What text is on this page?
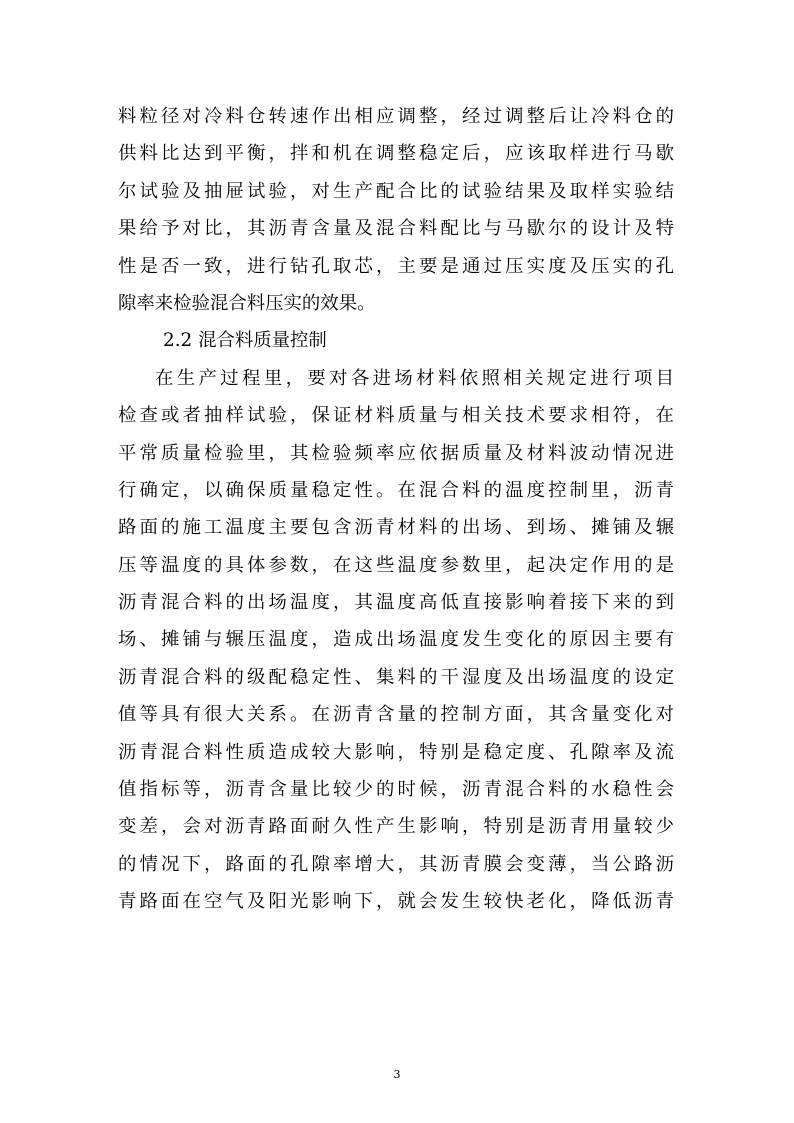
料粒径对冷料仓转速作出相应调整，经过调整后让冷料仓的
供料比达到平衡，拌和机在调整稳定后，应该取样进行马歇
尔试验及抽屉试验，对生产配合比的试验结果及取样实验结
果给予对比，其沥青含量及混合料配比与马歇尔的设计及特
性是否一致，进行钻孔取芯，主要是通过压实度及压实的孔
隙率来检验混合料压实的效果。
2.2 混合料质量控制
在生产过程里，要对各进场材料依照相关规定进行项目
检查或者抽样试验，保证材料质量与相关技术要求相符，在
平常质量检验里，其检验频率应依据质量及材料波动情况进
行确定，以确保质量稳定性。在混合料的温度控制里，沥青
路面的施工温度主要包含沥青材料的出场、到场、摊铺及辗
压等温度的具体参数，在这些温度参数里，起决定作用的是
沥青混合料的出场温度，其温度高低直接影响着接下来的到
场、摊铺与辗压温度，造成出场温度发生变化的原因主要有
沥青混合料的级配稳定性、集料的干湿度及出场温度的设定
值等具有很大关系。在沥青含量的控制方面，其含量变化对
沥青混合料性质造成较大影响，特别是稳定度、孔隙率及流
值指标等，沥青含量比较少的时候，沥青混合料的水稳性会
变差，会对沥青路面耐久性产生影响，特别是沥青用量较少
的情况下，路面的孔隙率增大，其沥青膜会变薄，当公路沥
青路面在空气及阳光影响下，就会发生较快老化，降低沥青
3
